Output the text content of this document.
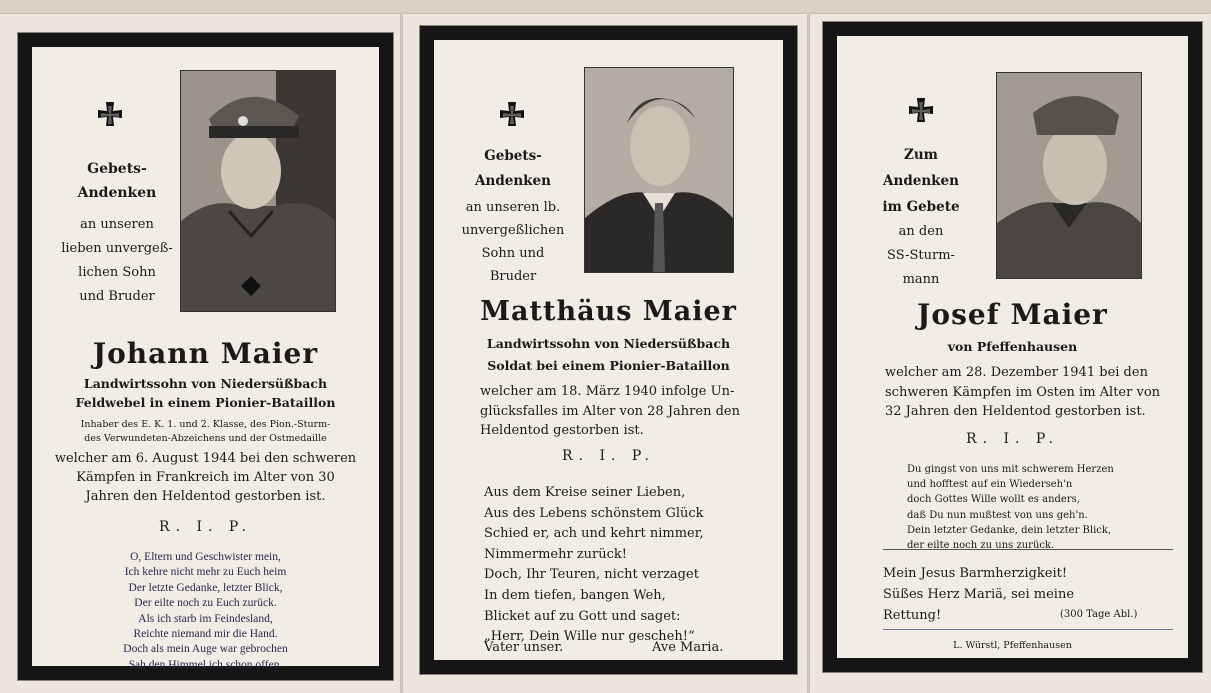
Gebets-
Andenken
an unseren
lieben unvergeß-
lichen Sohn
und Bruder
Johann Maier
Landwirtssohn von Niedersüßbach
Feldwebel in einem Pionier-Bataillon
Inhaber des E. K. 1. und 2. Klasse, des Pion.-Sturm-
des Verwundeten-Abzeichens und der Ostmedaille
welcher am 6. August 1944 bei den schweren
Kämpfen in Frankreich im Alter von 30
Jahren den Heldentod gestorben ist.
R. I. P.
O, Eltern und Geschwister mein,
Ich kehre nicht mehr zu Euch heim
Der letzte Gedanke, letzter Blick,
Der eilte noch zu Euch zurück.
Als ich starb im Feindesland,
Reichte niemand mir die Hand.
Doch als mein Auge war gebrochen
Sah den Himmel ich schon offen.
Gebets-
Andenken
an unseren lb.
unvergeßlichen
Sohn und
Bruder
Matthäus Maier
Landwirtssohn von Niedersüßbach
Soldat bei einem Pionier-Bataillon
welcher am 18. März 1940 infolge Un-
glücksfalles im Alter von 28 Jahren den
Heldentod gestorben ist.
R. I. P.
Aus dem Kreise seiner Lieben,
Aus des Lebens schönstem Glück
Schied er, ach und kehrt nimmer,
Nimmermehr zurück!
Doch, Ihr Teuren, nicht verzaget
In dem tiefen, bangen Weh,
Blicket auf zu Gott und saget:
„Herr, Dein Wille nur gescheh!“
Vater unser.	Ave Maria.
Zum
Andenken
im Gebete
an den
SS-Sturm-
mann
Josef Maier
von Pfeffenhausen
welcher am 28. Dezember 1941 bei den
schweren Kämpfen im Osten im Alter von
32 Jahren den Heldentod gestorben ist.
R. I. P.
Du gingst von uns mit schwerem Herzen
und hofftest auf ein Wiederseh'n
doch Gottes Wille wollt es anders,
daß Du nun mußtest von uns geh'n.
Dein letzter Gedanke, dein letzter Blick,
der eilte noch zu uns zurück.
Mein Jesus Barmherzigkeit!
Süßes Herz Mariä, sei meine
Rettung!	(300 Tage Abl.)
L. Würstl, Pfeffenhausen
